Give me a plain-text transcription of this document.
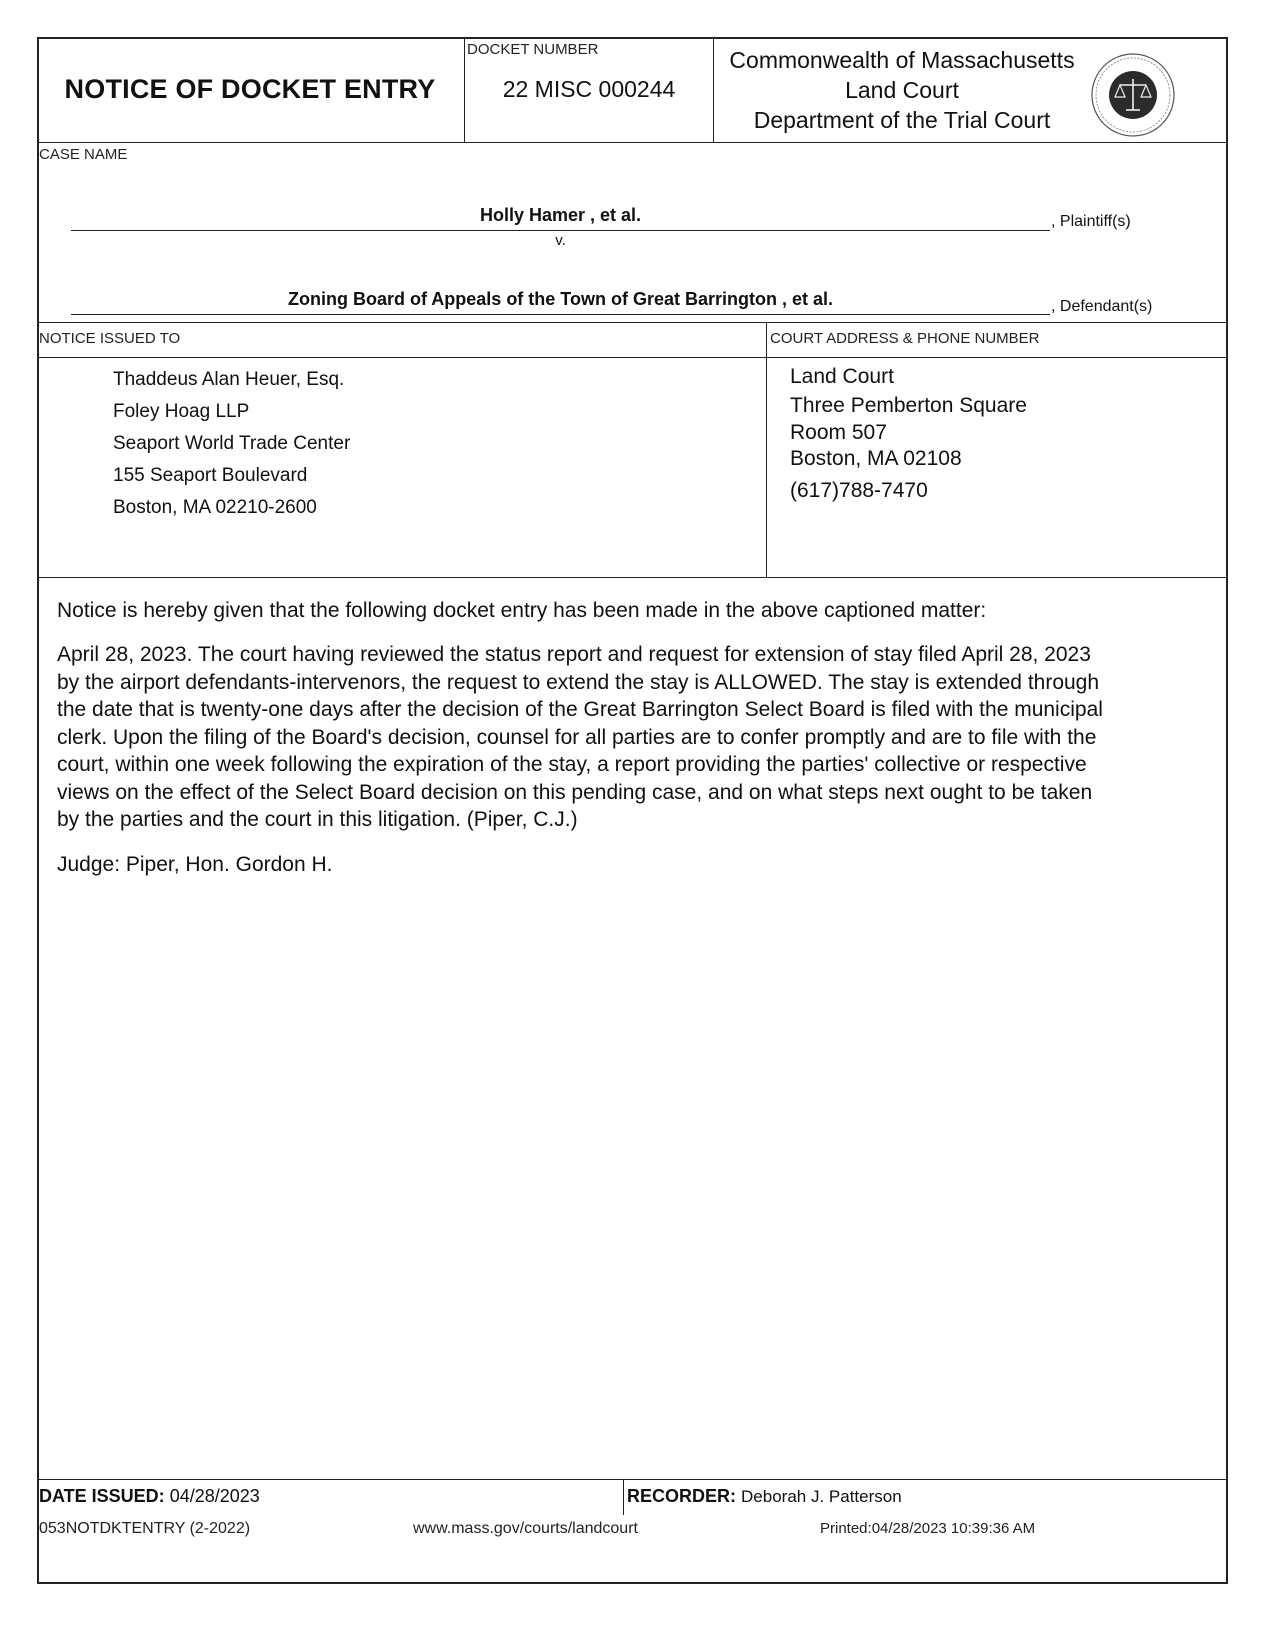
NOTICE OF DOCKET ENTRY
DOCKET NUMBER
22 MISC 000244
Commonwealth of Massachusetts
Land Court
Department of the Trial Court
CASE NAME
Holly Hamer , et al.	, Plaintiff(s)
v.
Zoning Board of Appeals of the Town of Great Barrington , et al.	, Defendant(s)
NOTICE ISSUED TO	COURT ADDRESS & PHONE NUMBER
Thaddeus Alan Heuer, Esq.
Foley Hoag LLP
Seaport World Trade Center
155 Seaport Boulevard
Boston, MA 02210-2600
Land Court
Three Pemberton Square
Room 507
Boston, MA 02108
(617)788-7470
Notice is hereby given that the following docket entry has been made in the above captioned matter:
April 28, 2023. The court having reviewed the status report and request for extension of stay filed April 28, 2023
by the airport defendants-intervenors, the request to extend the stay is ALLOWED. The stay is extended through
the date that is twenty-one days after the decision of the Great Barrington Select Board is filed with the municipal
clerk. Upon the filing of the Board's decision, counsel for all parties are to confer promptly and are to file with the
court, within one week following the expiration of the stay, a report providing the parties' collective or respective
views on the effect of the Select Board decision on this pending case, and on what steps next ought to be taken
by the parties and the court in this litigation. (Piper, C.J.)
Judge: Piper, Hon. Gordon H.
DATE ISSUED: 04/28/2023	RECORDER: Deborah J. Patterson
053NOTDKTENTRY (2-2022)	www.mass.gov/courts/landcourt	Printed:04/28/2023 10:39:36 AM
